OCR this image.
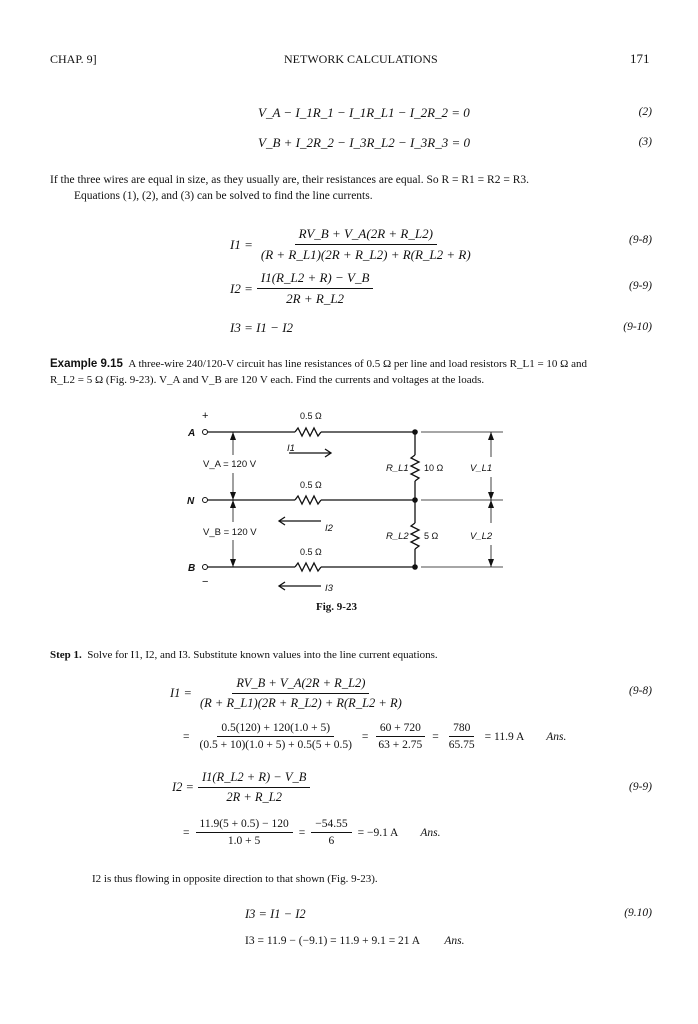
CHAP. 9]	NETWORK CALCULATIONS	171
V_A − I_1R_1 − I_1R_L1 − I_2R_2 = 0	(2)
V_B + I_2R_2 − I_3R_L2 − I_3R_3 = 0	(3)
If the three wires are equal in size, as they usually are, their resistances are equal. So R = R1 = R2 = R3.
Equations (1), (2), and (3) can be solved to find the line currents.
$I1 = \frac{RV\_B + V\_A(2R + R\_L2)}{(R + R\_L1)(2R + R\_L2) + R(R\_L2 + R)}$	(9-8)
$I2 = \frac{I1(R\_L2 + R) - V\_B}{2R + R\_L2}$	(9-9)
I3 = I1 − I2	(9-10)
Example 9.15 A three-wire 240/120-V circuit has line resistances of 0.5 Ω per line and load resistors R_L1 = 10 Ω and
R_L2 = 5 Ω (Fig. 9-23). V_A and V_B are 120 V each. Find the currents and voltages at the loads.
+
−
A
N
B
V_A = 120 V
V_B = 120 V
0.5 Ω
0.5 Ω
0.5 Ω
I1
I2
I3
R_L1 10 Ω
R_L2 5 Ω
V_L1
V_L2
Fig. 9-23
Step 1. Solve for I1, I2, and I3. Substitute known values into the line current equations.
$I1 = \frac{RV\_B + V\_A(2R + R\_L2)}{(R + R\_L1)(2R + R\_L2) + R(R\_L2 + R)}$	(9-8)
= $\frac{0.5(120) + 120(1.0 + 5)}{(0.5 + 10)(1.0 + 5) + 0.5(5 + 0.5)} = \frac{60 + 720}{63 + 2.75} = \frac{780}{65.75} = 11.9$ A Ans.
$I2 = \frac{I1(R\_L2 + R) - V\_B}{2R + R\_L2}$	(9-9)
= $\frac{11.9(5 + 0.5) - 120}{1.0 + 5} = \frac{-54.55}{6} = -9.1$ A Ans.
I2 is thus flowing in opposite direction to that shown (Fig. 9-23).
I3 = I1 − I2	(9.10)
I3 = 11.9 − (−9.1) = 11.9 + 9.1 = 21 A Ans.
